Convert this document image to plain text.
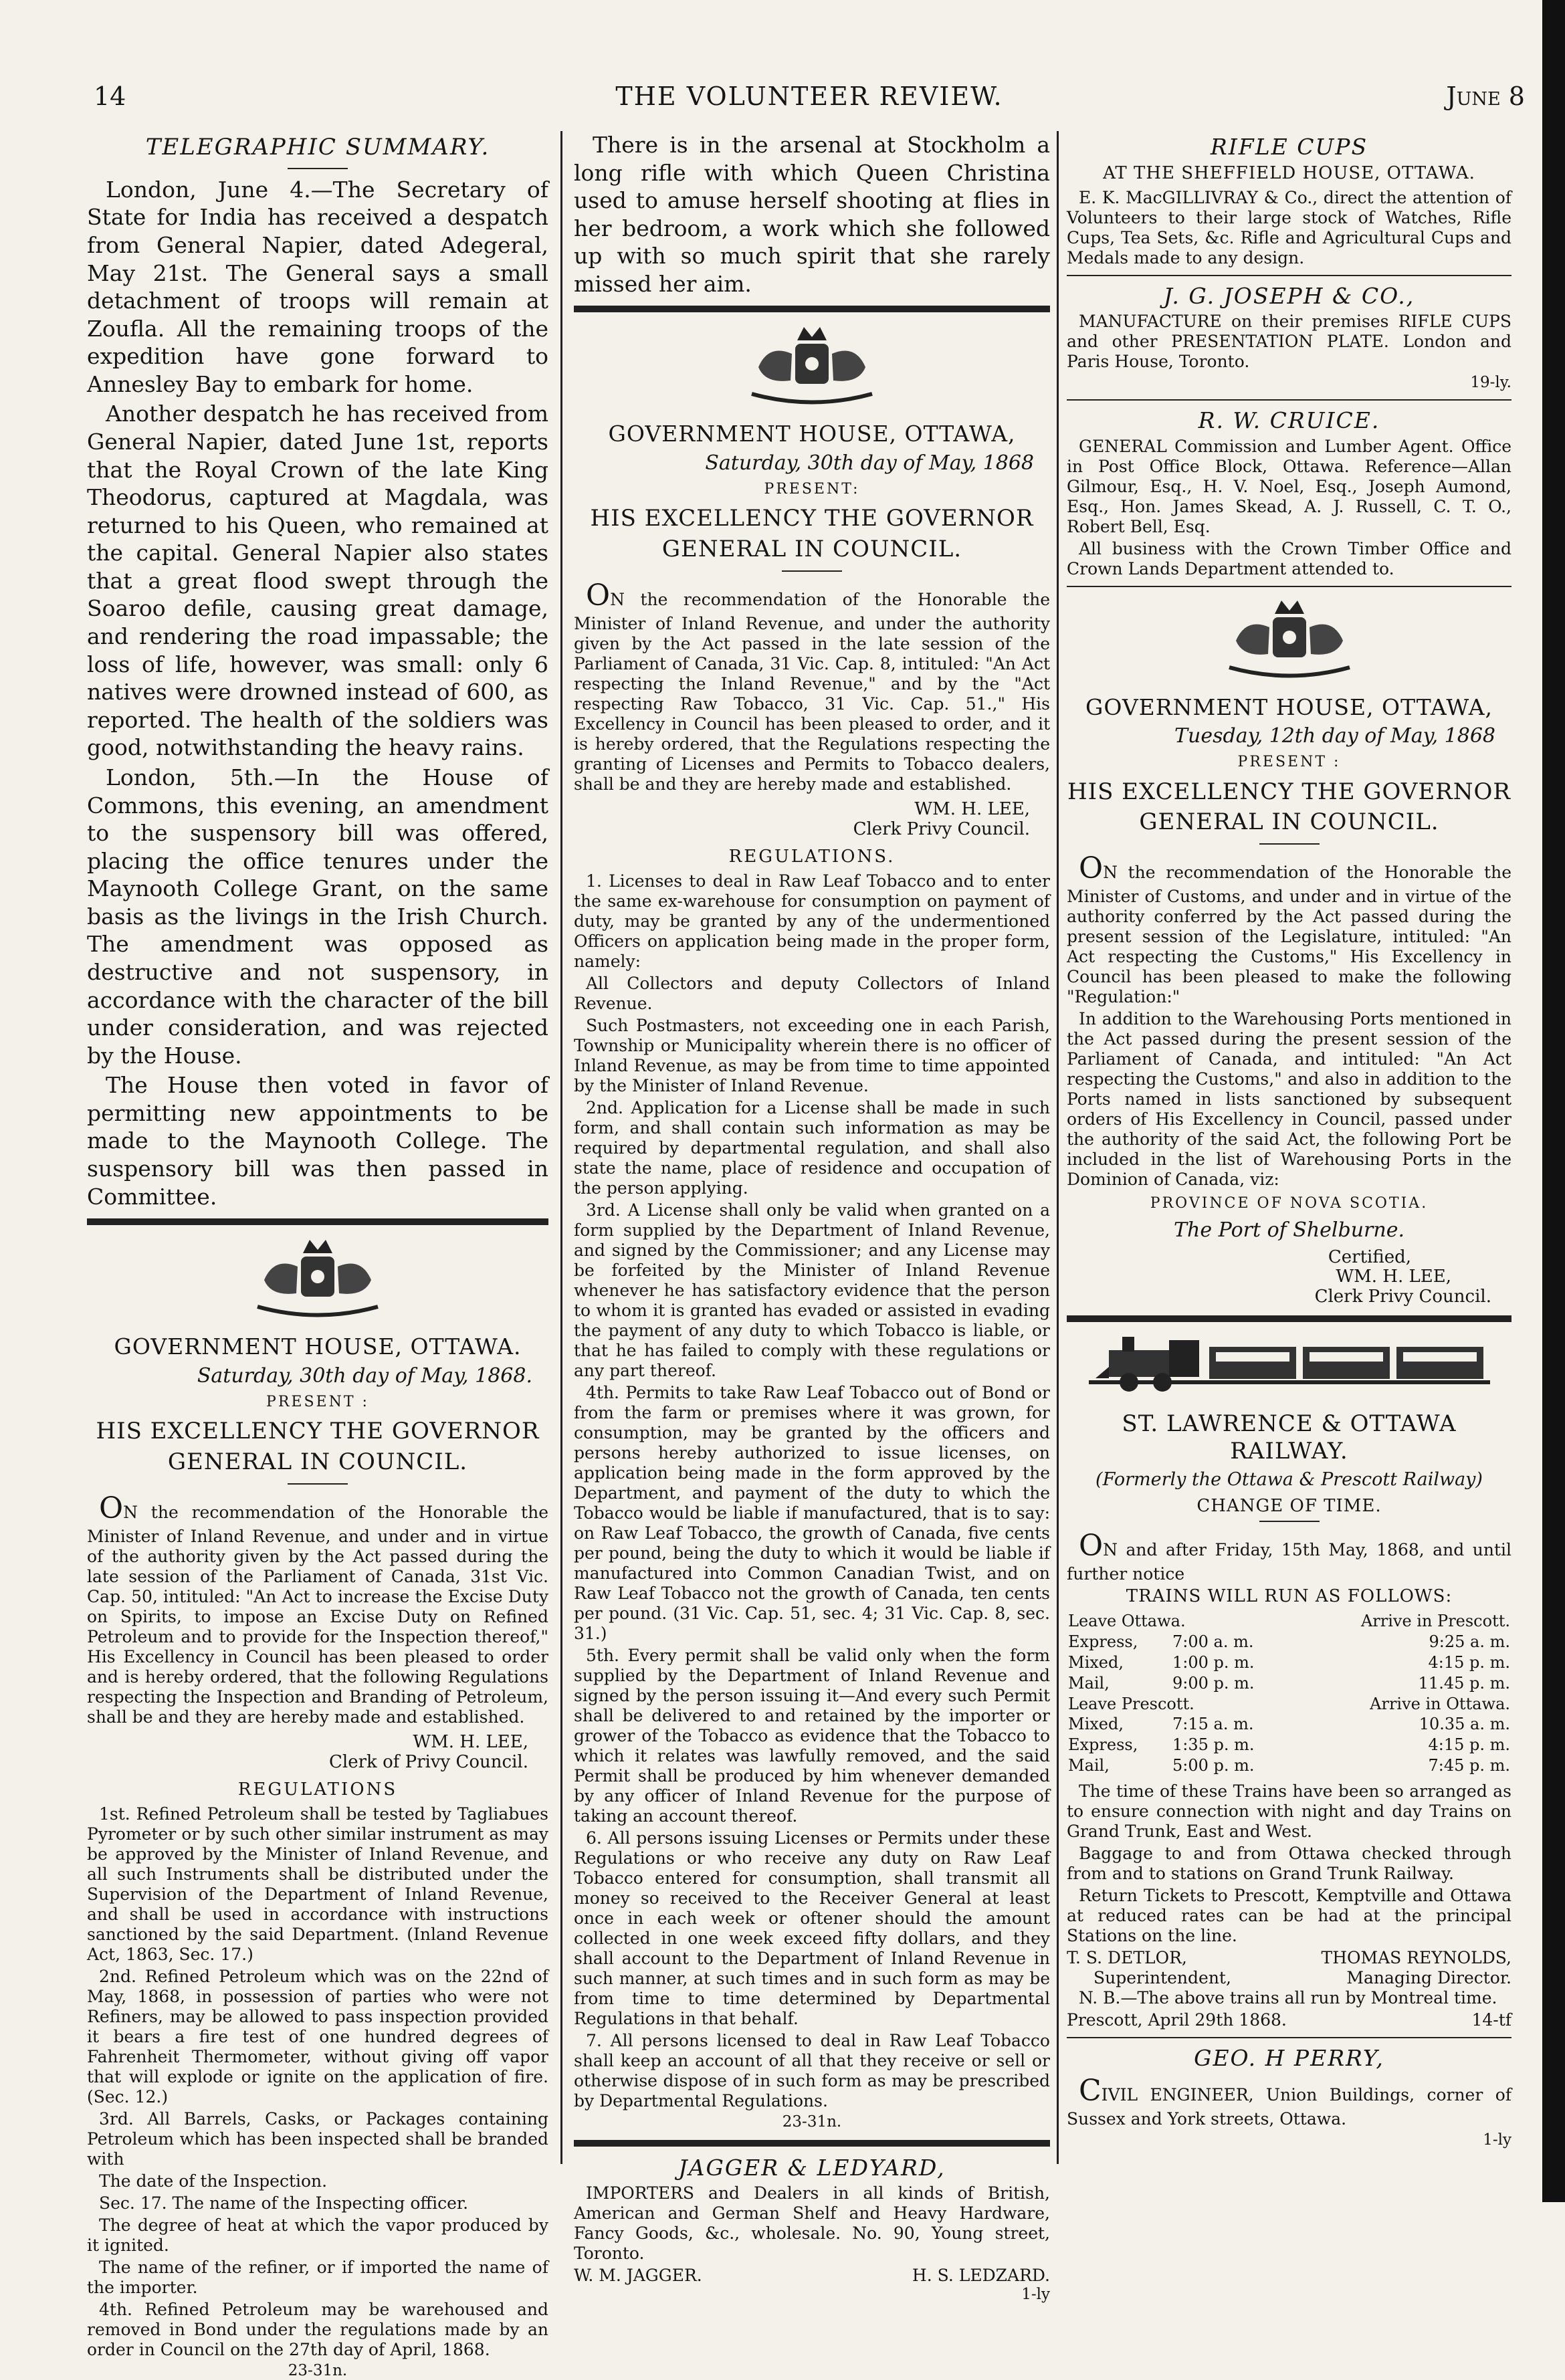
14	THE VOLUNTEER REVIEW.	June 8
TELEGRAPHIC SUMMARY.

London, June 4.—The Secretary of State for India has received a despatch from General Napier, dated Adegeral, May 21st. The General says a small detachment of troops will remain at Zoufla. All the remaining troops of the expedition have gone forward to Annesley Bay to embark for home.

Another despatch he has received from General Napier, dated June 1st, reports that the Royal Crown of the late King Theodorus, captured at Magdala, was returned to his Queen, who remained at the capital. General Napier also states that a great flood swept through the Soaroo defile, causing great damage, and rendering the road impassable; the loss of life, however, was small: only 6 natives were drowned instead of 600, as reported. The health of the soldiers was good, notwithstanding the heavy rains.

London, 5th.—In the House of Commons, this evening, an amendment to the suspensory bill was offered, placing the office tenures under the Maynooth College Grant, on the same basis as the livings in the Irish Church. The amendment was opposed as destructive and not suspensory, in accordance with the character of the bill under consideration, and was rejected by the House.

The House then voted in favor of permitting new appointments to be made to the Maynooth College. The suspensory bill was then passed in Committee.

GOVERNMENT HOUSE, OTTAWA.
Saturday, 30th day of May, 1868.
PRESENT :
HIS EXCELLENCY THE GOVERNOR GENERAL IN COUNCIL.

ON the recommendation of the Honorable the Minister of Inland Revenue, and under and in virtue of the authority given by the Act passed during the late session of the Parliament of Canada, 31st Vic. Cap. 50, intituled: "An Act to increase the Excise Duty on Spirits, to impose an Excise Duty on Refined Petroleum and to provide for the Inspection thereof," His Excellency in Council has been pleased to order and is hereby ordered, that the following Regulations respecting the Inspection and Branding of Petroleum, shall be and they are hereby made and established.

WM. H. LEE,
Clerk of Privy Council.
REGULATIONS

1st. Refined Petroleum shall be tested by Tagliabues Pyrometer or by such other similar instrument as may be approved by the Minister of Inland Revenue, and all such Instruments shall be distributed under the Supervision of the Department of Inland Revenue, and shall be used in accordance with instructions sanctioned by the said Department. (Inland Revenue Act, 1863, Sec. 17.)

2nd. Refined Petroleum which was on the 22nd of May, 1868, in possession of parties who were not Refiners, may be allowed to pass inspection provided it bears a fire test of one hundred degrees of Fahrenheit Thermometer, without giving off vapor that will explode or ignite on the application of fire. (Sec. 12.)

3rd. All Barrels, Casks, or Packages containing Petroleum which has been inspected shall be branded with

The date of the Inspection.

Sec. 17. The name of the Inspecting officer.

The degree of heat at which the vapor produced by it ignited.

The name of the refiner, or if imported the name of the importer.

4th. Refined Petroleum may be warehoused and removed in Bond under the regulations made by an order in Council on the 27th day of April, 1868.

23-31n.

There is in the arsenal at Stockholm a long rifle with which Queen Christina used to amuse herself shooting at flies in her bedroom, a work which she followed up with so much spirit that she rarely missed her aim.

GOVERNMENT HOUSE, OTTAWA,
Saturday, 30th day of May, 1868
PRESENT:
HIS EXCELLENCY THE GOVERNOR GENERAL IN COUNCIL.

ON the recommendation of the Honorable the Minister of Inland Revenue, and under the authority given by the Act passed in the late session of the Parliament of Canada, 31 Vic. Cap. 8, intituled: "An Act respecting the Inland Revenue," and by the "Act respecting Raw Tobacco, 31 Vic. Cap. 51.," His Excellency in Council has been pleased to order, and it is hereby ordered, that the Regulations respecting the granting of Licenses and Permits to Tobacco dealers, shall be and they are hereby made and established.

WM. H. LEE,
Clerk Privy Council.
REGULATIONS.

1. Licenses to deal in Raw Leaf Tobacco and to enter the same ex-warehouse for consumption on payment of duty, may be granted by any of the undermentioned Officers on application being made in the proper form, namely:

All Collectors and deputy Collectors of Inland Revenue.

Such Postmasters, not exceeding one in each Parish, Township or Municipality wherein there is no officer of Inland Revenue, as may be from time to time appointed by the Minister of Inland Revenue.

2nd. Application for a License shall be made in such form, and shall contain such information as may be required by departmental regulation, and shall also state the name, place of residence and occupation of the person applying.

3rd. A License shall only be valid when granted on a form supplied by the Department of Inland Revenue, and signed by the Commissioner; and any License may be forfeited by the Minister of Inland Revenue whenever he has satisfactory evidence that the person to whom it is granted has evaded or assisted in evading the payment of any duty to which Tobacco is liable, or that he has failed to comply with these regulations or any part thereof.

4th. Permits to take Raw Leaf Tobacco out of Bond or from the farm or premises where it was grown, for consumption, may be granted by the officers and persons hereby authorized to issue licenses, on application being made in the form approved by the Department, and payment of the duty to which the Tobacco would be liable if manufactured, that is to say: on Raw Leaf Tobacco, the growth of Canada, five cents per pound, being the duty to which it would be liable if manufactured into Common Canadian Twist, and on Raw Leaf Tobacco not the growth of Canada, ten cents per pound. (31 Vic. Cap. 51, sec. 4; 31 Vic. Cap. 8, sec. 31.)

5th. Every permit shall be valid only when the form supplied by the Department of Inland Revenue and signed by the person issuing it—And every such Permit shall be delivered to and retained by the importer or grower of the Tobacco as evidence that the Tobacco to which it relates was lawfully removed, and the said Permit shall be produced by him whenever demanded by any officer of Inland Revenue for the purpose of taking an account thereof.

6. All persons issuing Licenses or Permits under these Regulations or who receive any duty on Raw Leaf Tobacco entered for consumption, shall transmit all money so received to the Receiver General at least once in each week or oftener should the amount collected in one week exceed fifty dollars, and they shall account to the Department of Inland Revenue in such manner, at such times and in such form as may be from time to time determined by Departmental Regulations in that behalf.

7. All persons licensed to deal in Raw Leaf Tobacco shall keep an account of all that they receive or sell or otherwise dispose of in such form as may be prescribed by Departmental Regulations.

23-31n.
JAGGER & LEDYARD,

IMPORTERS and Dealers in all kinds of British, American and German Shelf and Heavy Hardware, Fancy Goods, &c., wholesale. No. 90, Young street, Toronto.

W. M. JAGGER.	H. S. LEDZARD.
1-ly
RIFLE CUPS
AT THE SHEFFIELD HOUSE, OTTAWA.

E. K. MacGILLIVRAY & Co., direct the attention of Volunteers to their large stock of Watches, Rifle Cups, Tea Sets, &c. Rifle and Agricultural Cups and Medals made to any design.

J. G. JOSEPH & CO.,

MANUFACTURE on their premises RIFLE CUPS and other PRESENTATION PLATE. London and Paris House, Toronto.

19-ly.
R. W. CRUICE.

GENERAL Commission and Lumber Agent. Office in Post Office Block, Ottawa. Reference—Allan Gilmour, Esq., H. V. Noel, Esq., Joseph Aumond, Esq., Hon. James Skead, A. J. Russell, C. T. O., Robert Bell, Esq.

All business with the Crown Timber Office and Crown Lands Department attended to.

GOVERNMENT HOUSE, OTTAWA,
Tuesday, 12th day of May, 1868
PRESENT :
HIS EXCELLENCY THE GOVERNOR GENERAL IN COUNCIL.

ON the recommendation of the Honorable the Minister of Customs, and under and in virtue of the authority conferred by the Act passed during the present session of the Legislature, intituled: "An Act respecting the Customs," His Excellency in Council has been pleased to make the following "Regulation:"

In addition to the Warehousing Ports mentioned in the Act passed during the present session of the Parliament of Canada, and intituled: "An Act respecting the Customs," and also in addition to the Ports named in lists sanctioned by subsequent orders of His Excellency in Council, passed under the authority of the said Act, the following Port be included in the list of Warehousing Ports in the Dominion of Canada, viz:

PROVINCE OF NOVA SCOTIA.
The Port of Shelburne.
Certified,
WM. H. LEE,
Clerk Privy Council.
ST. LAWRENCE & OTTAWA RAILWAY.
(Formerly the Ottawa & Prescott Railway)
CHANGE OF TIME.

ON and after Friday, 15th May, 1868, and until further notice

TRAINS WILL RUN AS FOLLOWS:
Leave Ottawa.		Arrive in Prescott.
Express,	7:00 a. m.	9:25 a. m.
Mixed,	1:00 p. m.	4:15 p. m.
Mail,	9:00 p. m.	11.45 p. m.
Leave Prescott.		Arrive in Ottawa.
Mixed,	7:15 a. m.	10.35 a. m.
Express,	1:35 p. m.	4:15 p. m.
Mail,	5:00 p. m.	7:45 p. m.

The time of these Trains have been so arranged as to ensure connection with night and day Trains on Grand Trunk, East and West.

Baggage to and from Ottawa checked through from and to stations on Grand Trunk Railway.

Return Tickets to Prescott, Kemptville and Ottawa at reduced rates can be had at the principal Stations on the line.

T. S. DETLOR,
Superintendent,
THOMAS REYNOLDS,
Managing Director.

N. B.—The above trains all run by Montreal time.

Prescott, April 29th 1868.	14-tf
GEO. H PERRY,

CIVIL ENGINEER, Union Buildings, corner of Sussex and York streets, Ottawa.

1-ly
